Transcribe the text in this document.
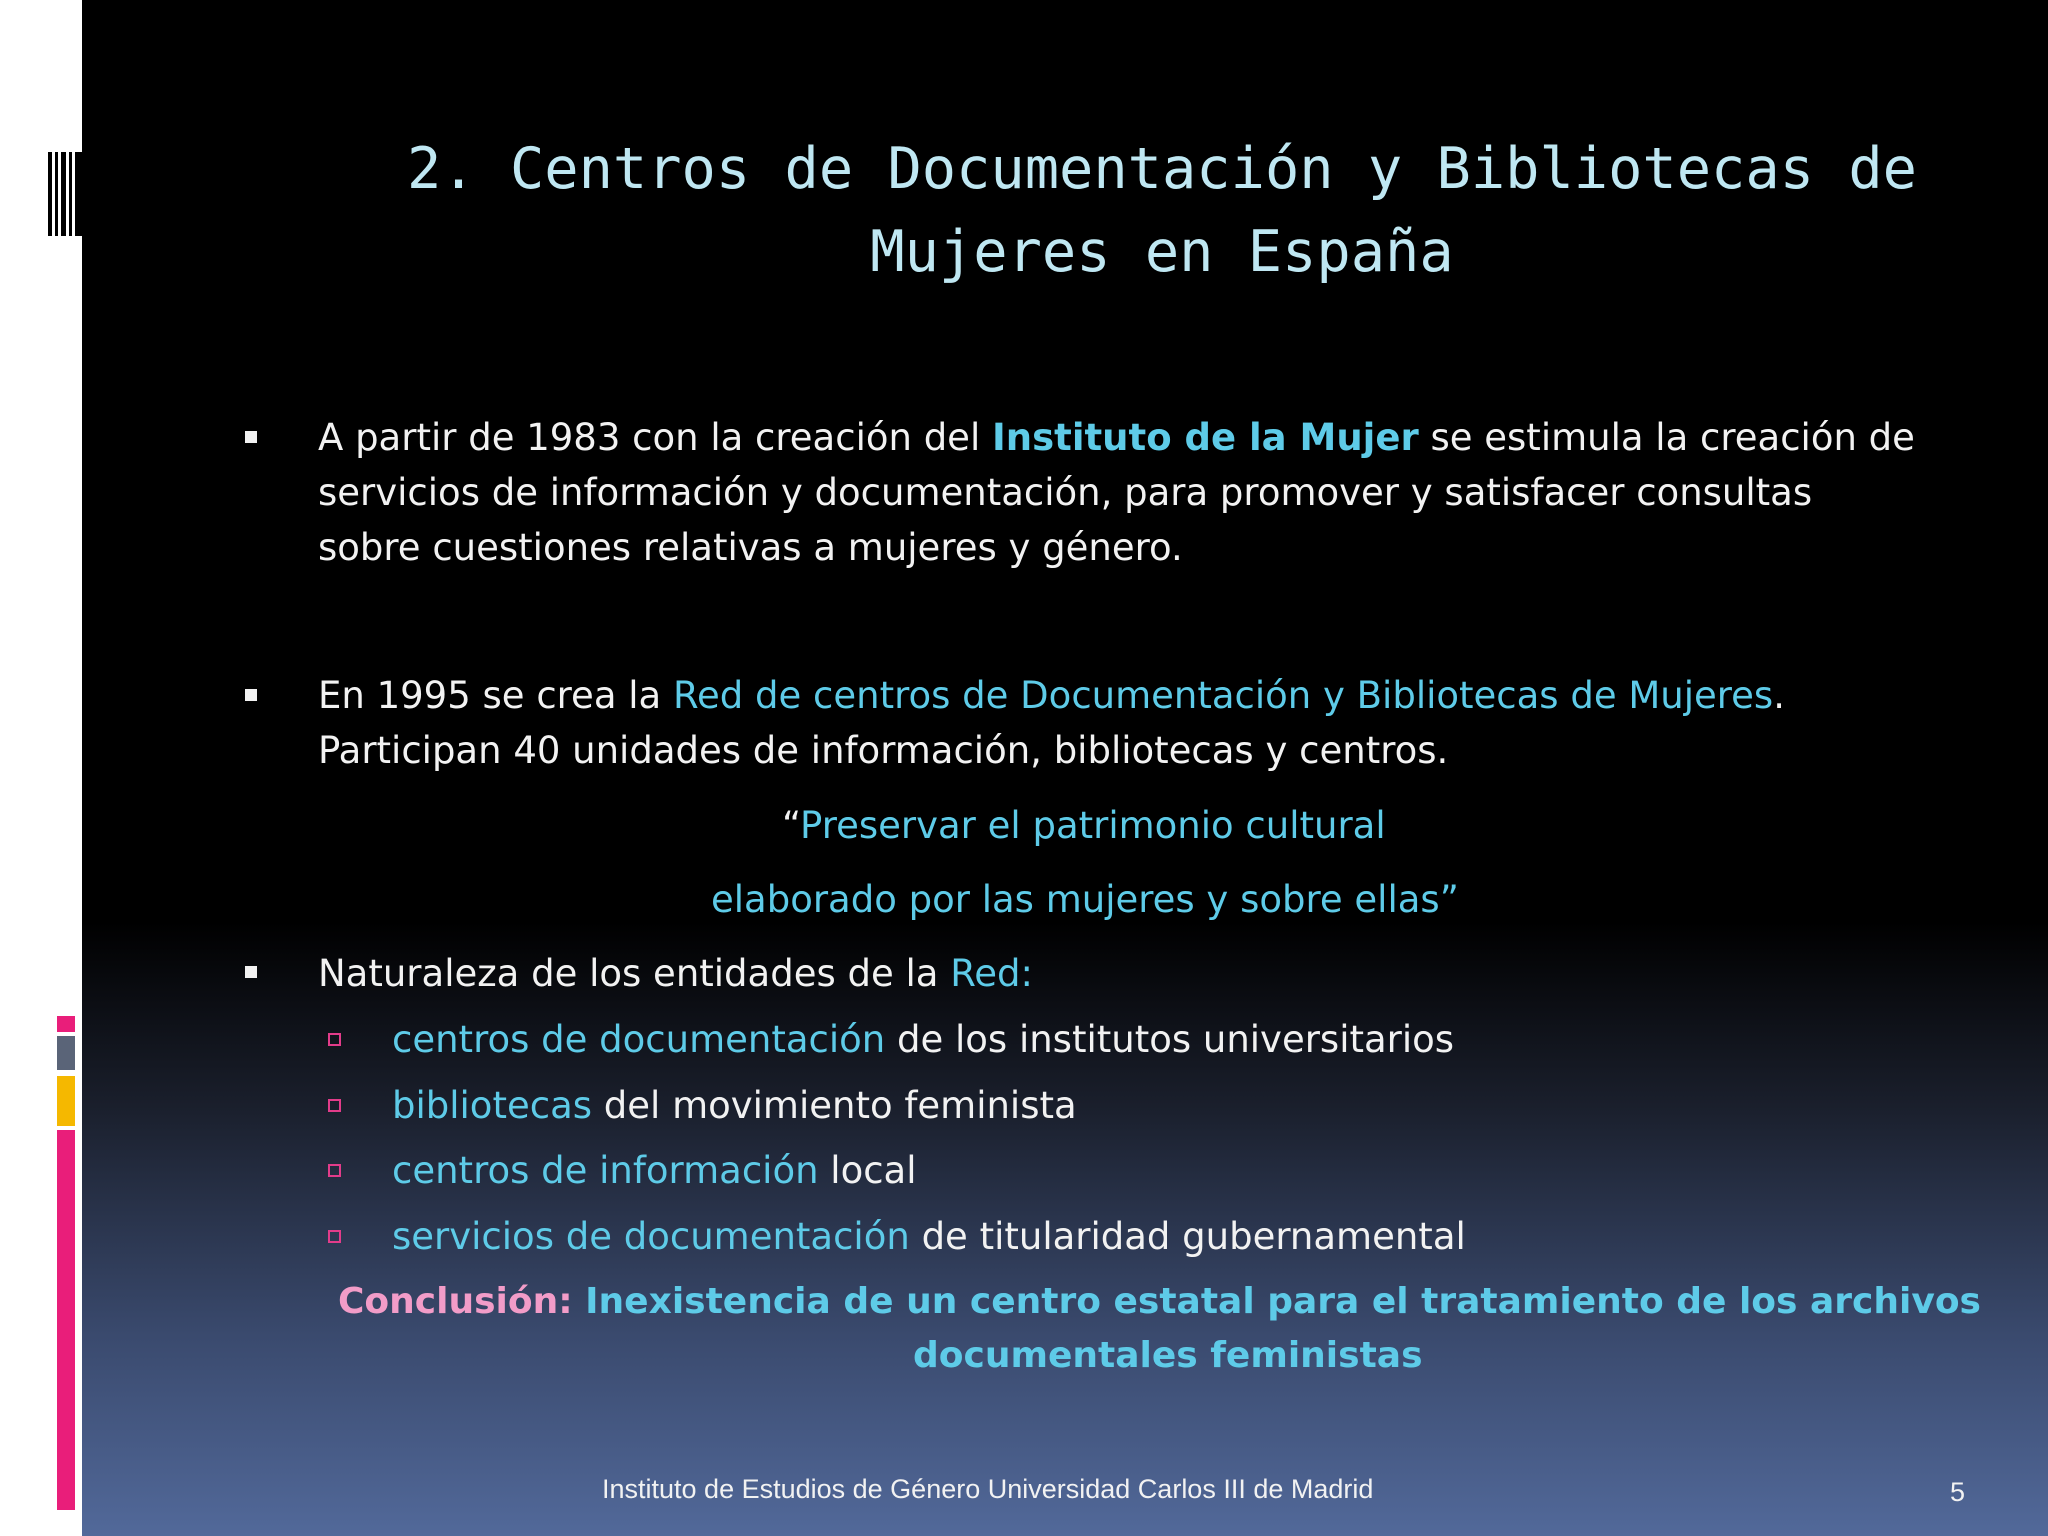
2. Centros de Documentación y Bibliotecas de
Mujeres en España
A partir de 1983 con la creación del Instituto de la Mujer se estimula la creación de
servicios de información y documentación, para promover y satisfacer consultas
sobre cuestiones relativas a mujeres y género.
En 1995 se crea la Red de centros de Documentación y Bibliotecas de Mujeres.
Participan 40 unidades de información, bibliotecas y centros.
“Preservar el patrimonio cultural
elaborado por las mujeres y sobre ellas”
Naturaleza de los entidades de la Red:
centros de documentación de los institutos universitarios
bibliotecas del movimiento feminista
centros de información local
servicios de documentación de titularidad gubernamental
Conclusión: Inexistencia de un centro estatal para el tratamiento de los archivos
documentales feministas
Instituto de Estudios de Género Universidad Carlos III de Madrid	5
